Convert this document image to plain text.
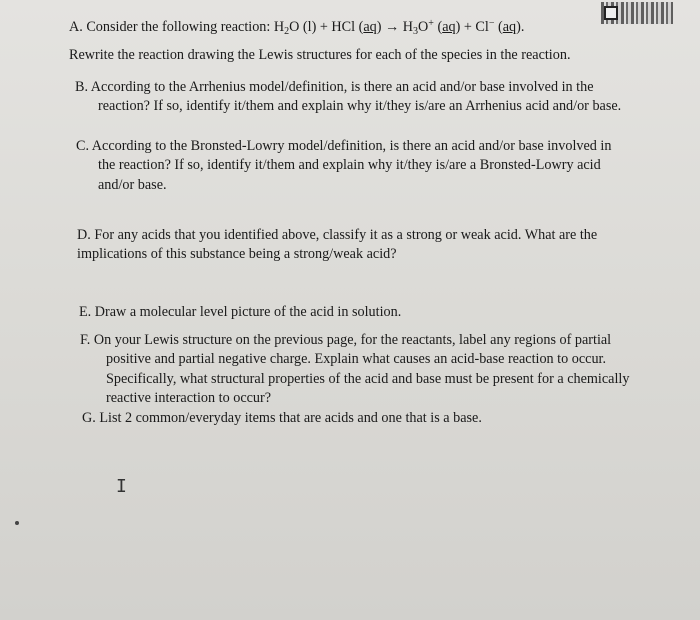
A. Consider the following reaction: $H_2O$ (l) + HCl $(aq) \to H_3O^+$ (aq) + Cl− (aq).
Rewrite the reaction drawing the Lewis structures for each of the species in the reaction.
B. According to the Arrhenius model/definition, is there an acid and/or base involved in the
reaction? If so, identify it/them and explain why it/they is/are an Arrhenius acid and/or base.
C. According to the Bronsted-Lowry model/definition, is there an acid and/or base involved in
the reaction? If so, identify it/them and explain why it/they is/are a Bronsted-Lowry acid
and/or base.
D. For any acids that you identified above, classify it as a strong or weak acid. What are the
implications of this substance being a strong/weak acid?
E. Draw a molecular level picture of the acid in solution.
F. On your Lewis structure on the previous page, for the reactants, label any regions of partial
positive and partial negative charge. Explain what causes an acid-base reaction to occur.
Specifically, what structural properties of the acid and base must be present for a chemically
reactive interaction to occur?
G. List 2 common/everyday items that are acids and one that is a base.
I
